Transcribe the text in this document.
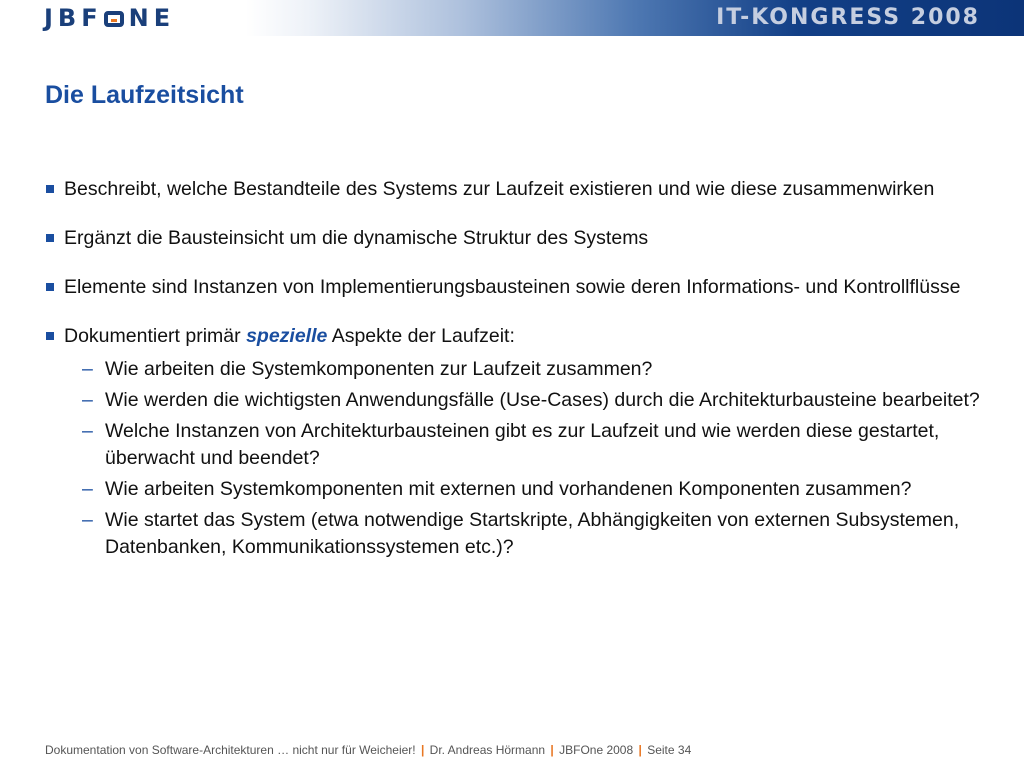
JBF NE	IT-KONGRESS 2008
Die Laufzeitsicht
Beschreibt, welche Bestandteile des Systems zur Laufzeit existieren und wie diese zusammenwirken
Ergänzt die Bausteinsicht um die dynamische Struktur des Systems
Elemente sind Instanzen von Implementierungsbausteinen sowie deren Informations- und Kontrollflüsse
Dokumentiert primär spezielle Aspekte der Laufzeit:
– Wie arbeiten die Systemkomponenten zur Laufzeit zusammen?
– Wie werden die wichtigsten Anwendungsfälle (Use-Cases) durch die Architekturbausteine bearbeitet?
– Welche Instanzen von Architekturbausteinen gibt es zur Laufzeit und wie werden diese gestartet, überwacht und beendet?
– Wie arbeiten Systemkomponenten mit externen und vorhandenen Komponenten zusammen?
– Wie startet das System (etwa notwendige Startskripte, Abhängigkeiten von externen Subsystemen, Datenbanken, Kommunikationssystemen etc.)?
Dokumentation von Software-Architekturen … nicht nur für Weicheier! | Dr. Andreas Hörmann | JBFOne 2008 | Seite 34
